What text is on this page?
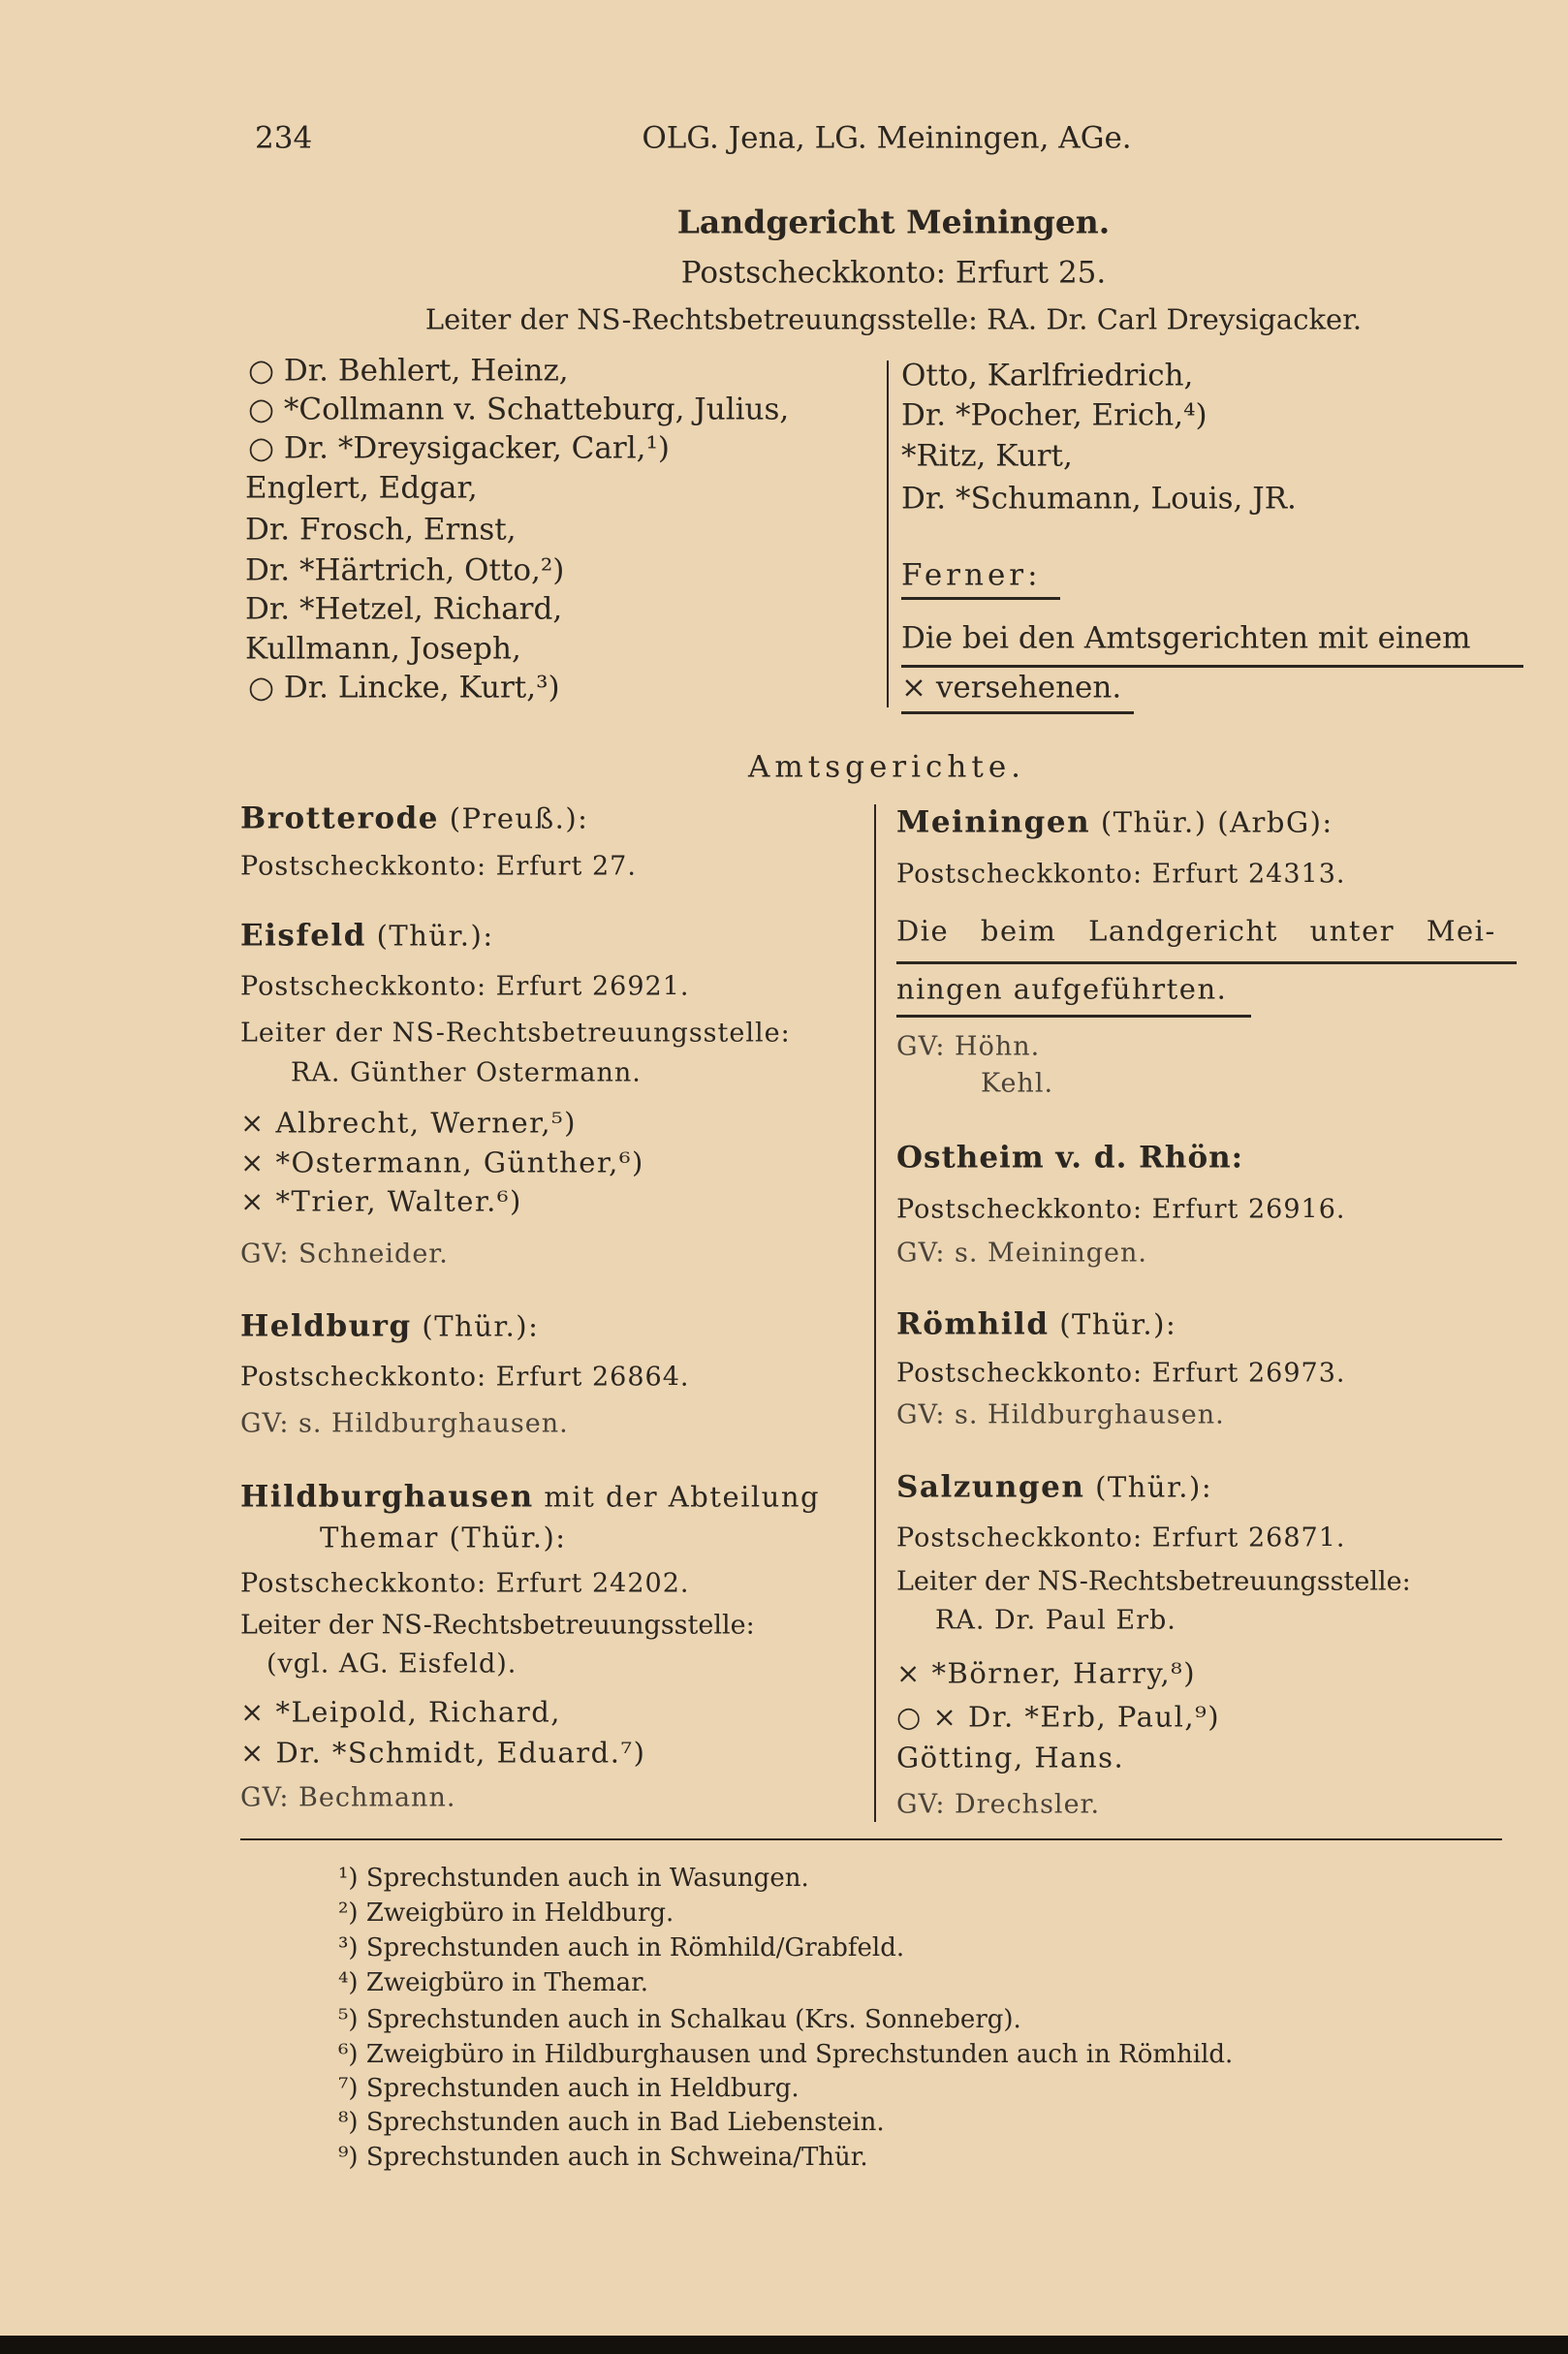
234	OLG. Jena, LG. Meiningen, AGe.
Landgericht Meiningen.
Postscheckkonto: Erfurt 25.
Leiter der NS-Rechtsbetreuungsstelle: RA. Dr. Carl Dreysigacker.
○ Dr. Behlert, Heinz,
○ *Collmann v. Schatteburg, Julius,
○ Dr. *Dreysigacker, Carl,¹)
Englert, Edgar,
Dr. Frosch, Ernst,
Dr. *Härtrich, Otto,²)
Dr. *Hetzel, Richard,
Kullmann, Joseph,
○ Dr. Lincke, Kurt,³)
Otto, Karlfriedrich,
Dr. *Pocher, Erich,⁴)
*Ritz, Kurt,
Dr. *Schumann, Louis, JR.
Ferner:
Die bei den Amtsgerichten mit einem
× versehenen.
Amtsgerichte.
Brotterode (Preuß.):
Postscheckkonto: Erfurt 27.
Eisfeld (Thür.):
Postscheckkonto: Erfurt 26921.
Leiter der NS-Rechtsbetreuungsstelle:
RA. Günther Ostermann.
× Albrecht, Werner,⁵)
× *Ostermann, Günther,⁶)
× *Trier, Walter.⁶)
GV: Schneider.
Heldburg (Thür.):
Postscheckkonto: Erfurt 26864.
GV: s. Hildburghausen.
Hildburghausen mit der Abteilung
Themar (Thür.):
Postscheckkonto: Erfurt 24202.
Leiter der NS-Rechtsbetreuungsstelle:
(vgl. AG. Eisfeld).
× *Leipold, Richard,
× Dr. *Schmidt, Eduard.⁷)
GV: Bechmann.
Meiningen (Thür.) (ArbG):
Postscheckkonto: Erfurt 24313.
Die beim Landgericht unter Mei-
ningen aufgeführten.
GV: Höhn.
Kehl.
Ostheim v. d. Rhön:
Postscheckkonto: Erfurt 26916.
GV: s. Meiningen.
Römhild (Thür.):
Postscheckkonto: Erfurt 26973.
GV: s. Hildburghausen.
Salzungen (Thür.):
Postscheckkonto: Erfurt 26871.
Leiter der NS-Rechtsbetreuungsstelle:
RA. Dr. Paul Erb.
× *Börner, Harry,⁸)
○ × Dr. *Erb, Paul,⁹)
Götting, Hans.
GV: Drechsler.
¹) Sprechstunden auch in Wasungen.
²) Zweigbüro in Heldburg.
³) Sprechstunden auch in Römhild/Grabfeld.
⁴) Zweigbüro in Themar.
⁵) Sprechstunden auch in Schalkau (Krs. Sonneberg).
⁶) Zweigbüro in Hildburghausen und Sprechstunden auch in Römhild.
⁷) Sprechstunden auch in Heldburg.
⁸) Sprechstunden auch in Bad Liebenstein.
⁹) Sprechstunden auch in Schweina/Thür.
